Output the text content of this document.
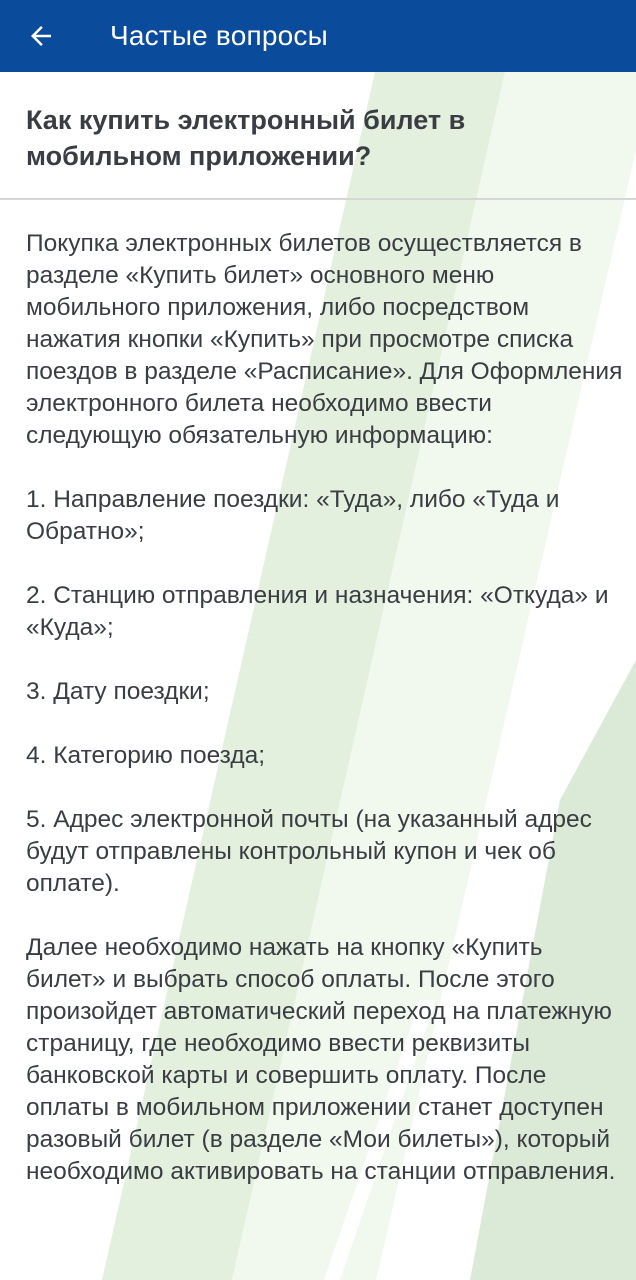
Частые вопросы
Как купить электронный билет в мобильном приложении?

Покупка электронных билетов осуществляется в разделе «Купить билет» основного меню мобильного приложения, либо посредством нажатия кнопки «Купить» при просмотре списка поездов в разделе «Расписание». Для Оформления электронного билета необходимо ввести следующую обязательную информацию:

1. Направление поездки: «Туда», либо «Туда и Обратно»;

2. Станцию отправления и назначения: «Откуда» и «Куда»;

3. Дату поездки;

4. Категорию поезда;

5. Адрес электронной почты (на указанный адрес будут отправлены контрольный купон и чек об оплате).

Далее необходимо нажать на кнопку «Купить билет» и выбрать способ оплаты. После этого произойдет автоматический переход на платежную страницу, где необходимо ввести реквизиты банковской карты и совершить оплату. После оплаты в мобильном приложении станет доступен разовый билет (в разделе «Мои билеты»), который необходимо активировать на станции отправления.
